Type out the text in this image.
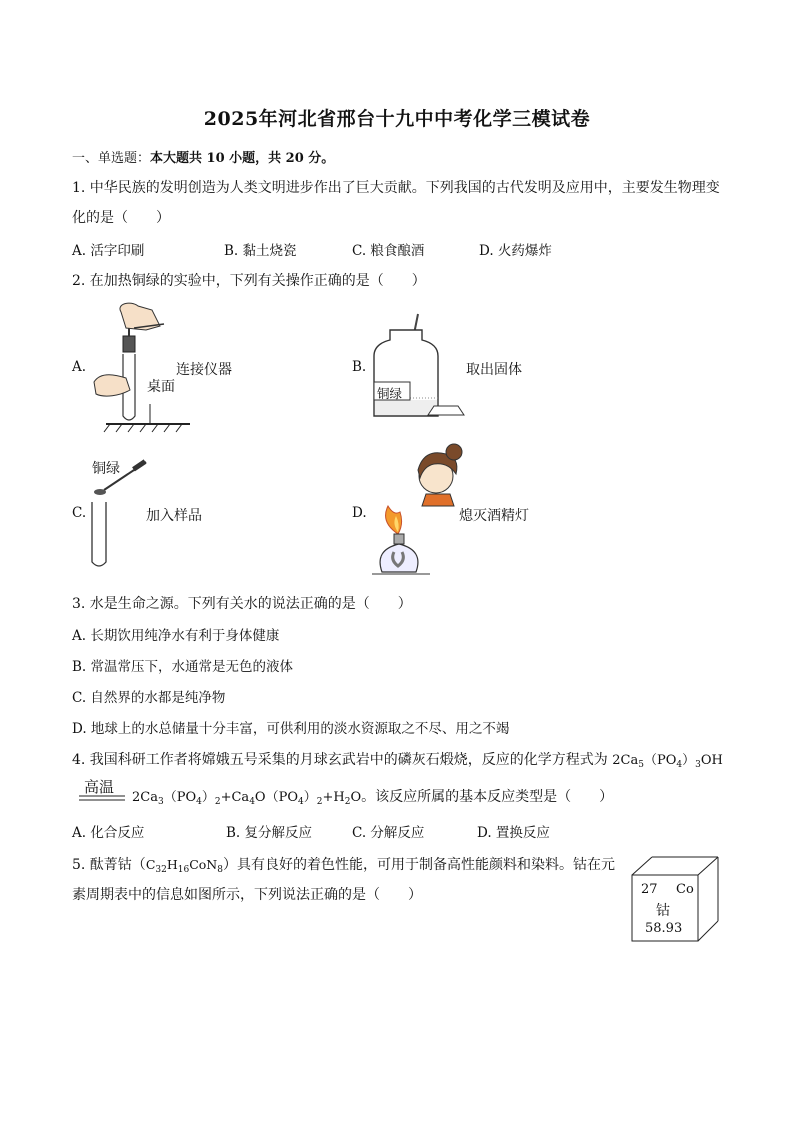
2025年河北省邢台十九中中考化学三模试卷
一、单选题：本大题共 10 小题，共 20 分。
1. 中华民族的发明创造为人类文明进步作出了巨大贡献。下列我国的古代发明及应用中，主要发生物理变
化的是（　　）
A. 活字印刷	B. 黏土烧瓷	C. 粮食酿酒	D. 火药爆炸
2. 在加热铜绿的实验中，下列有关操作正确的是（　　）
A.
桌面
连接仪器	B.
铜绿
取出固体
铜绿
C.	加入样品	D.	熄灭酒精灯
3. 水是生命之源。下列有关水的说法正确的是（　　）
A. 长期饮用纯净水有利于身体健康
B. 常温常压下，水通常是无色的液体
C. 自然界的水都是纯净物
D. 地球上的水总储量十分丰富，可供利用的淡水资源取之不尽、用之不竭
4. 我国科研工作者将嫦娥五号采集的月球玄武岩中的磷灰石煅烧，反应的化学方程式为 $2Ca_5(PO_4)_3OH$
高温
$2Ca_3(PO_4)_2+Ca_4O(PO_4)_2+H_2O$。该反应所属的基本反应类型是（　　）
A. 化合反应	B. 复分解反应	C. 分解反应	D. 置换反应
5. 酞菁钴$(C_{32}H_{16}CoN_8)$具有良好的着色性能，可用于制备高性能颜料和染料。钴在元
素周期表中的信息如图所示，下列说法正确的是（　　）	27 Co
钴
58.93
